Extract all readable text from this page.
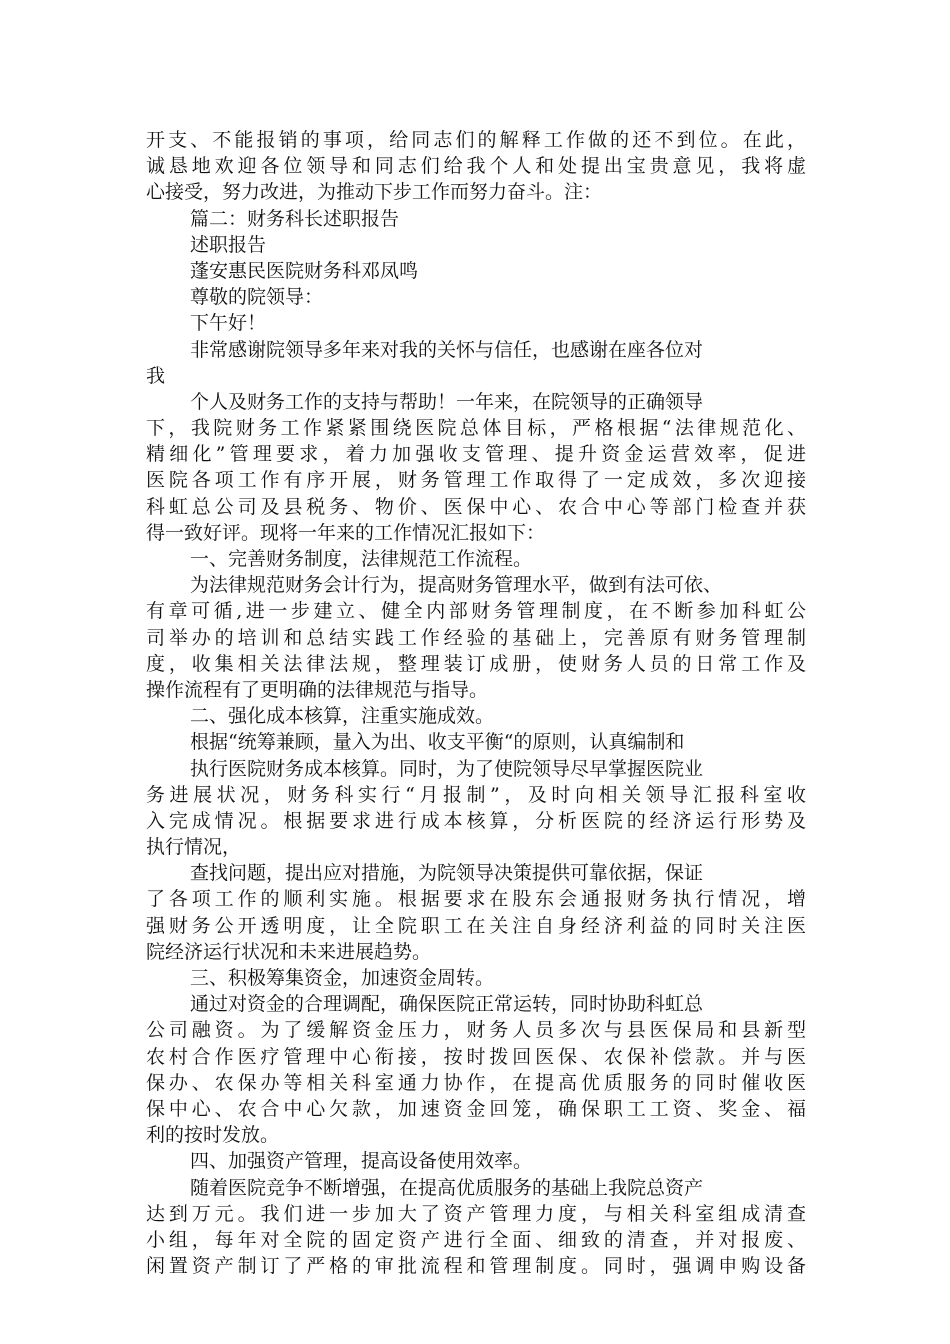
开支、不能报销的事项，给同志们的解释工作做的还不到位。在此，
诚恳地欢迎各位领导和同志们给我个人和处提出宝贵意见，我将虚
心接受，努力改进，为推动下步工作而努力奋斗。注：
篇二：财务科长述职报告
述职报告
蓬安惠民医院财务科邓凤鸣
尊敬的院领导：
下午好！
非常感谢院领导多年来对我的关怀与信任，也感谢在座各位对
我
个人及财务工作的支持与帮助！一年来，在院领导的正确领导
下，我院财务工作紧紧围绕医院总体目标，严格根据“法律规范化、
精细化”管理要求，着力加强收支管理、提升资金运营效率，促进
医院各项工作有序开展，财务管理工作取得了一定成效，多次迎接
科虹总公司及县税务、物价、医保中心、农合中心等部门检查并获
得一致好评。现将一年来的工作情况汇报如下：
一、完善财务制度，法律规范工作流程。
为法律规范财务会计行为，提高财务管理水平，做到有法可依、
有章可循,进一步建立、健全内部财务管理制度，在不断参加科虹公
司举办的培训和总结实践工作经验的基础上，完善原有财务管理制
度，收集相关法律法规，整理装订成册，使财务人员的日常工作及
操作流程有了更明确的法律规范与指导。
二、强化成本核算，注重实施成效。
根据“统筹兼顾，量入为出、收支平衡“的原则，认真编制和
执行医院财务成本核算。同时，为了使院领导尽早掌握医院业
务进展状况，财务科实行“月报制”，及时向相关领导汇报科室收
入完成情况。根据要求进行成本核算，分析医院的经济运行形势及
执行情况，
查找问题，提出应对措施，为院领导决策提供可靠依据，保证
了各项工作的顺利实施。根据要求在股东会通报财务执行情况，增
强财务公开透明度，让全院职工在关注自身经济利益的同时关注医
院经济运行状况和未来进展趋势。
三、积极筹集资金，加速资金周转。
通过对资金的合理调配，确保医院正常运转，同时协助科虹总
公司融资。为了缓解资金压力，财务人员多次与县医保局和县新型
农村合作医疗管理中心衔接，按时拨回医保、农保补偿款。并与医
保办、农保办等相关科室通力协作，在提高优质服务的同时催收医
保中心、农合中心欠款，加速资金回笼，确保职工工资、奖金、福
利的按时发放。
四、加强资产管理，提高设备使用效率。
随着医院竞争不断增强，在提高优质服务的基础上我院总资产
达到万元。我们进一步加大了资产管理力度，与相关科室组成清查
小组，每年对全院的固定资产进行全面、细致的清查，并对报废、
闲置资产制订了严格的审批流程和管理制度。同时，强调申购设备
